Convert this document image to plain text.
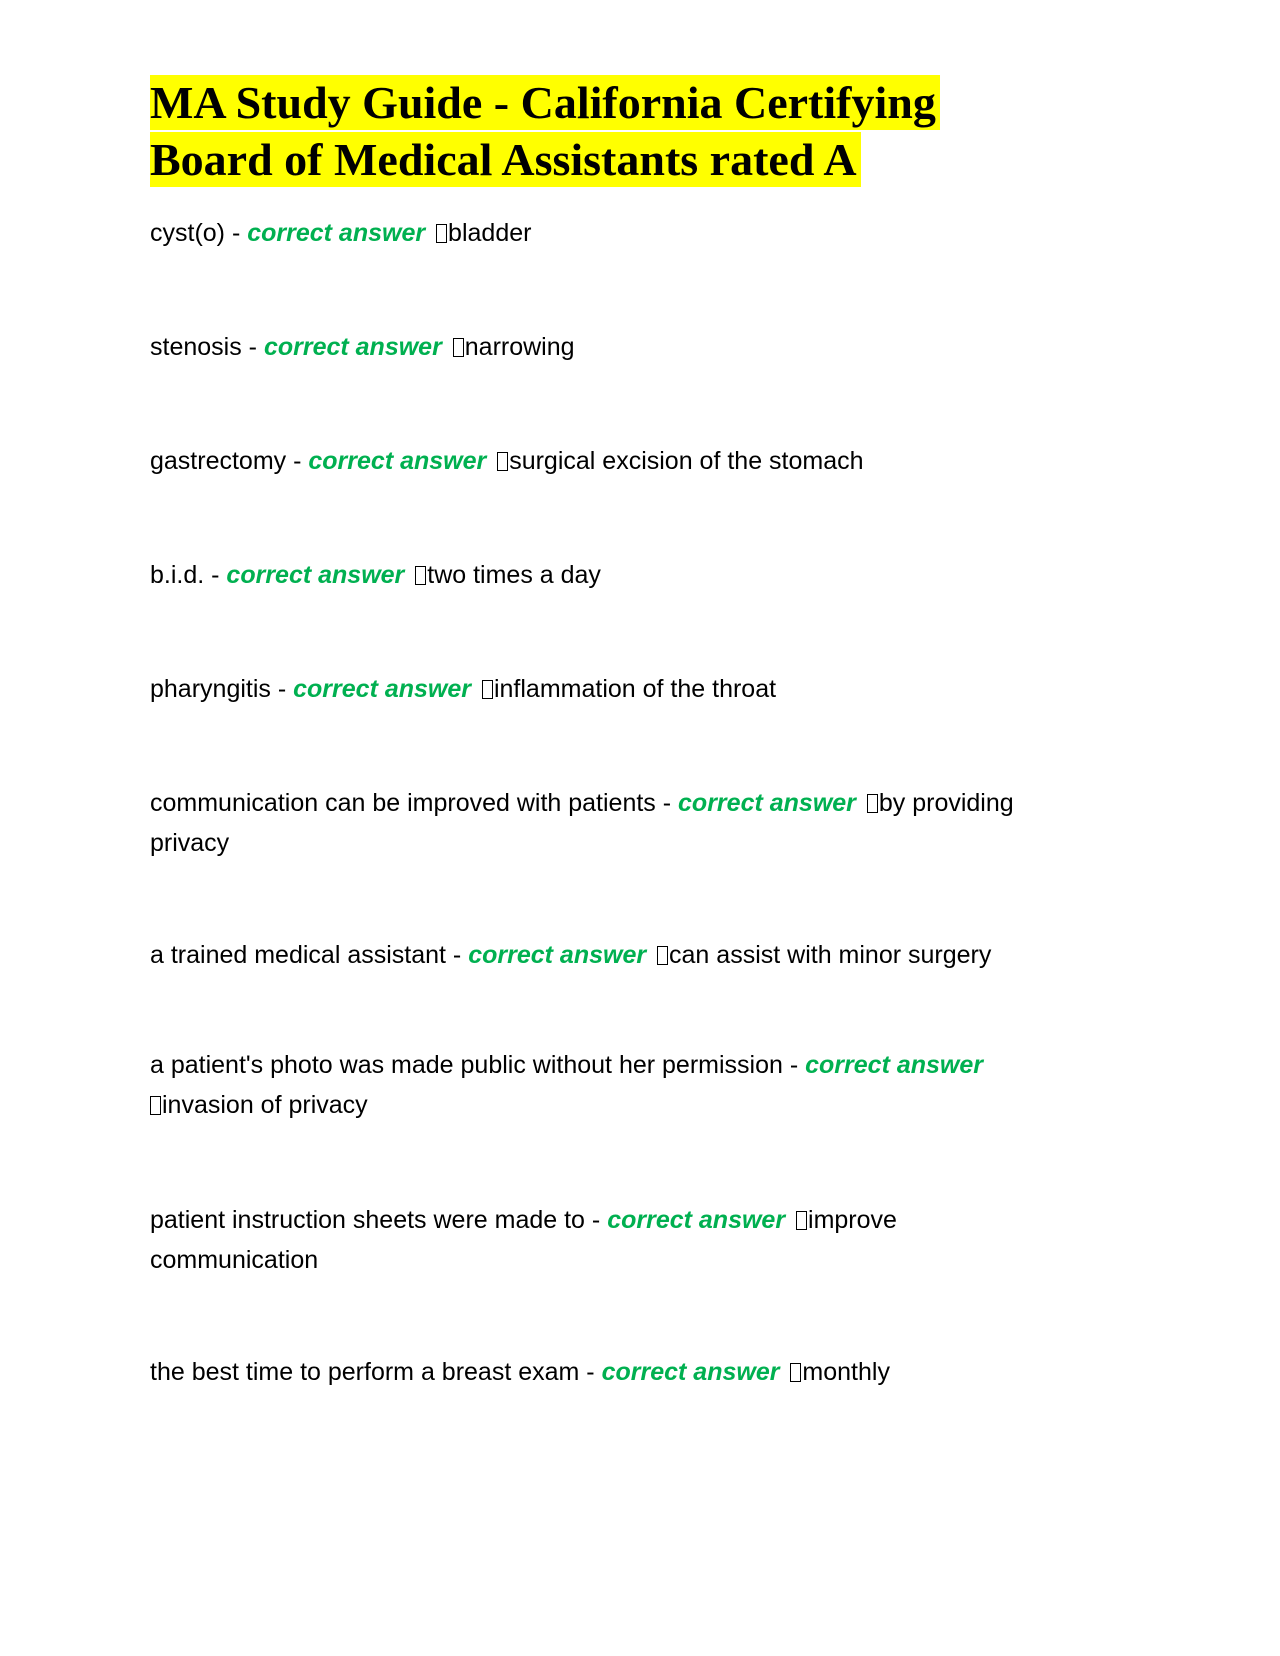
MA Study Guide - California Certifying
Board of Medical Assistants rated A

cyst(o) - correct answer bladder

stenosis - correct answer narrowing

gastrectomy - correct answer surgical excision of the stomach

b.i.d. - correct answer two times a day

pharyngitis - correct answer inflammation of the throat

communication can be improved with patients - correct answer by providing privacy

a trained medical assistant - correct answer can assist with minor surgery

a patient's photo was made public without her permission - correct answer
invasion of privacy

patient instruction sheets were made to - correct answer improve communication

the best time to perform a breast exam - correct answer monthly
